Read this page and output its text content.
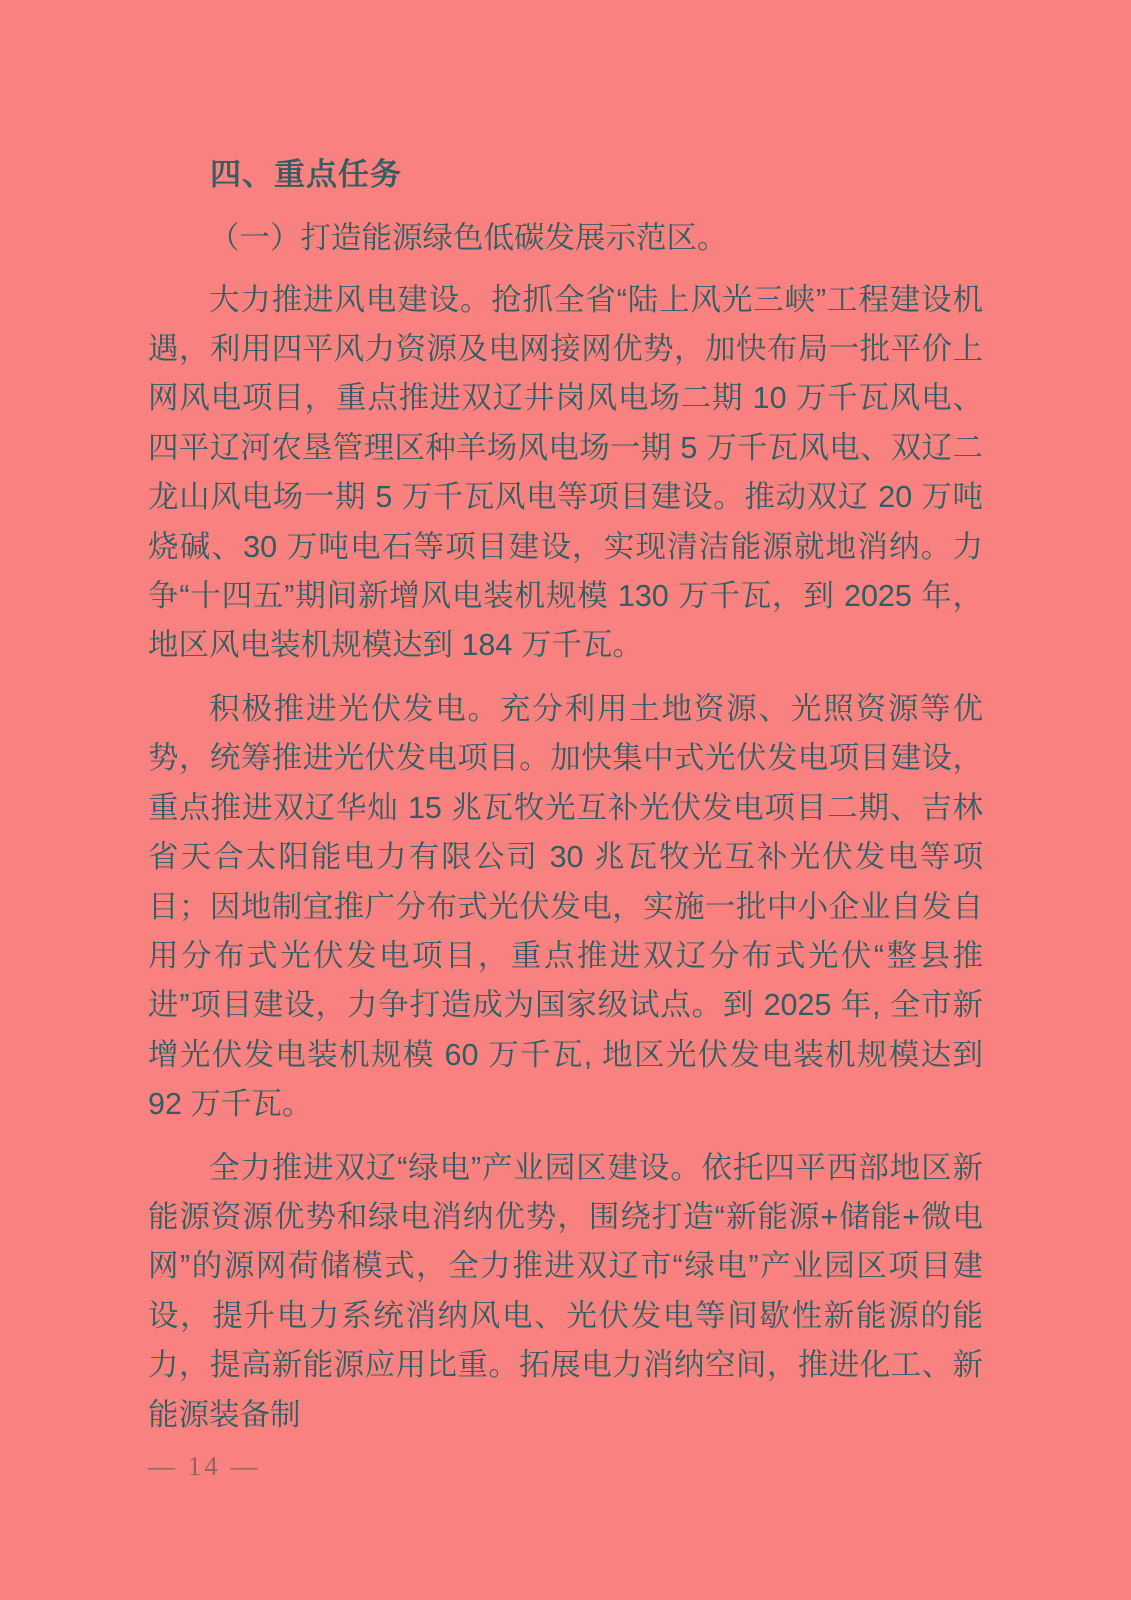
四、重点任务
（一）打造能源绿色低碳发展示范区。

大力推进风电建设。抢抓全省“陆上风光三峡”工程建设机遇，利用四平风力资源及电网接网优势，加快布局一批平价上网风电项目，重点推进双辽井岗风电场二期 10 万千瓦风电、四平辽河农垦管理区种羊场风电场一期 5 万千瓦风电、双辽二龙山风电场一期 5 万千瓦风电等项目建设。推动双辽 20 万吨烧碱、30 万吨电石等项目建设，实现清洁能源就地消纳。力争“十四五”期间新增风电装机规模 130 万千瓦，到 2025 年，地区风电装机规模达到 184 万千瓦。

积极推进光伏发电。充分利用土地资源、光照资源等优势，统筹推进光伏发电项目。加快集中式光伏发电项目建设，重点推进双辽华灿 15 兆瓦牧光互补光伏发电项目二期、吉林省天合太阳能电力有限公司 30 兆瓦牧光互补光伏发电等项目；因地制宜推广分布式光伏发电，实施一批中小企业自发自用分布式光伏发电项目，重点推进双辽分布式光伏“整县推进”项目建设，力争打造成为国家级试点。到 2025 年, 全市新增光伏发电装机规模 60 万千瓦, 地区光伏发电装机规模达到 92 万千瓦。

全力推进双辽“绿电”产业园区建设。依托四平西部地区新能源资源优势和绿电消纳优势，围绕打造“新能源+储能+微电网”的源网荷储模式，全力推进双辽市“绿电”产业园区项目建设，提升电力系统消纳风电、光伏发电等间歇性新能源的能力，提高新能源应用比重。拓展电力消纳空间，推进化工、新能源装备制

— 14 —
